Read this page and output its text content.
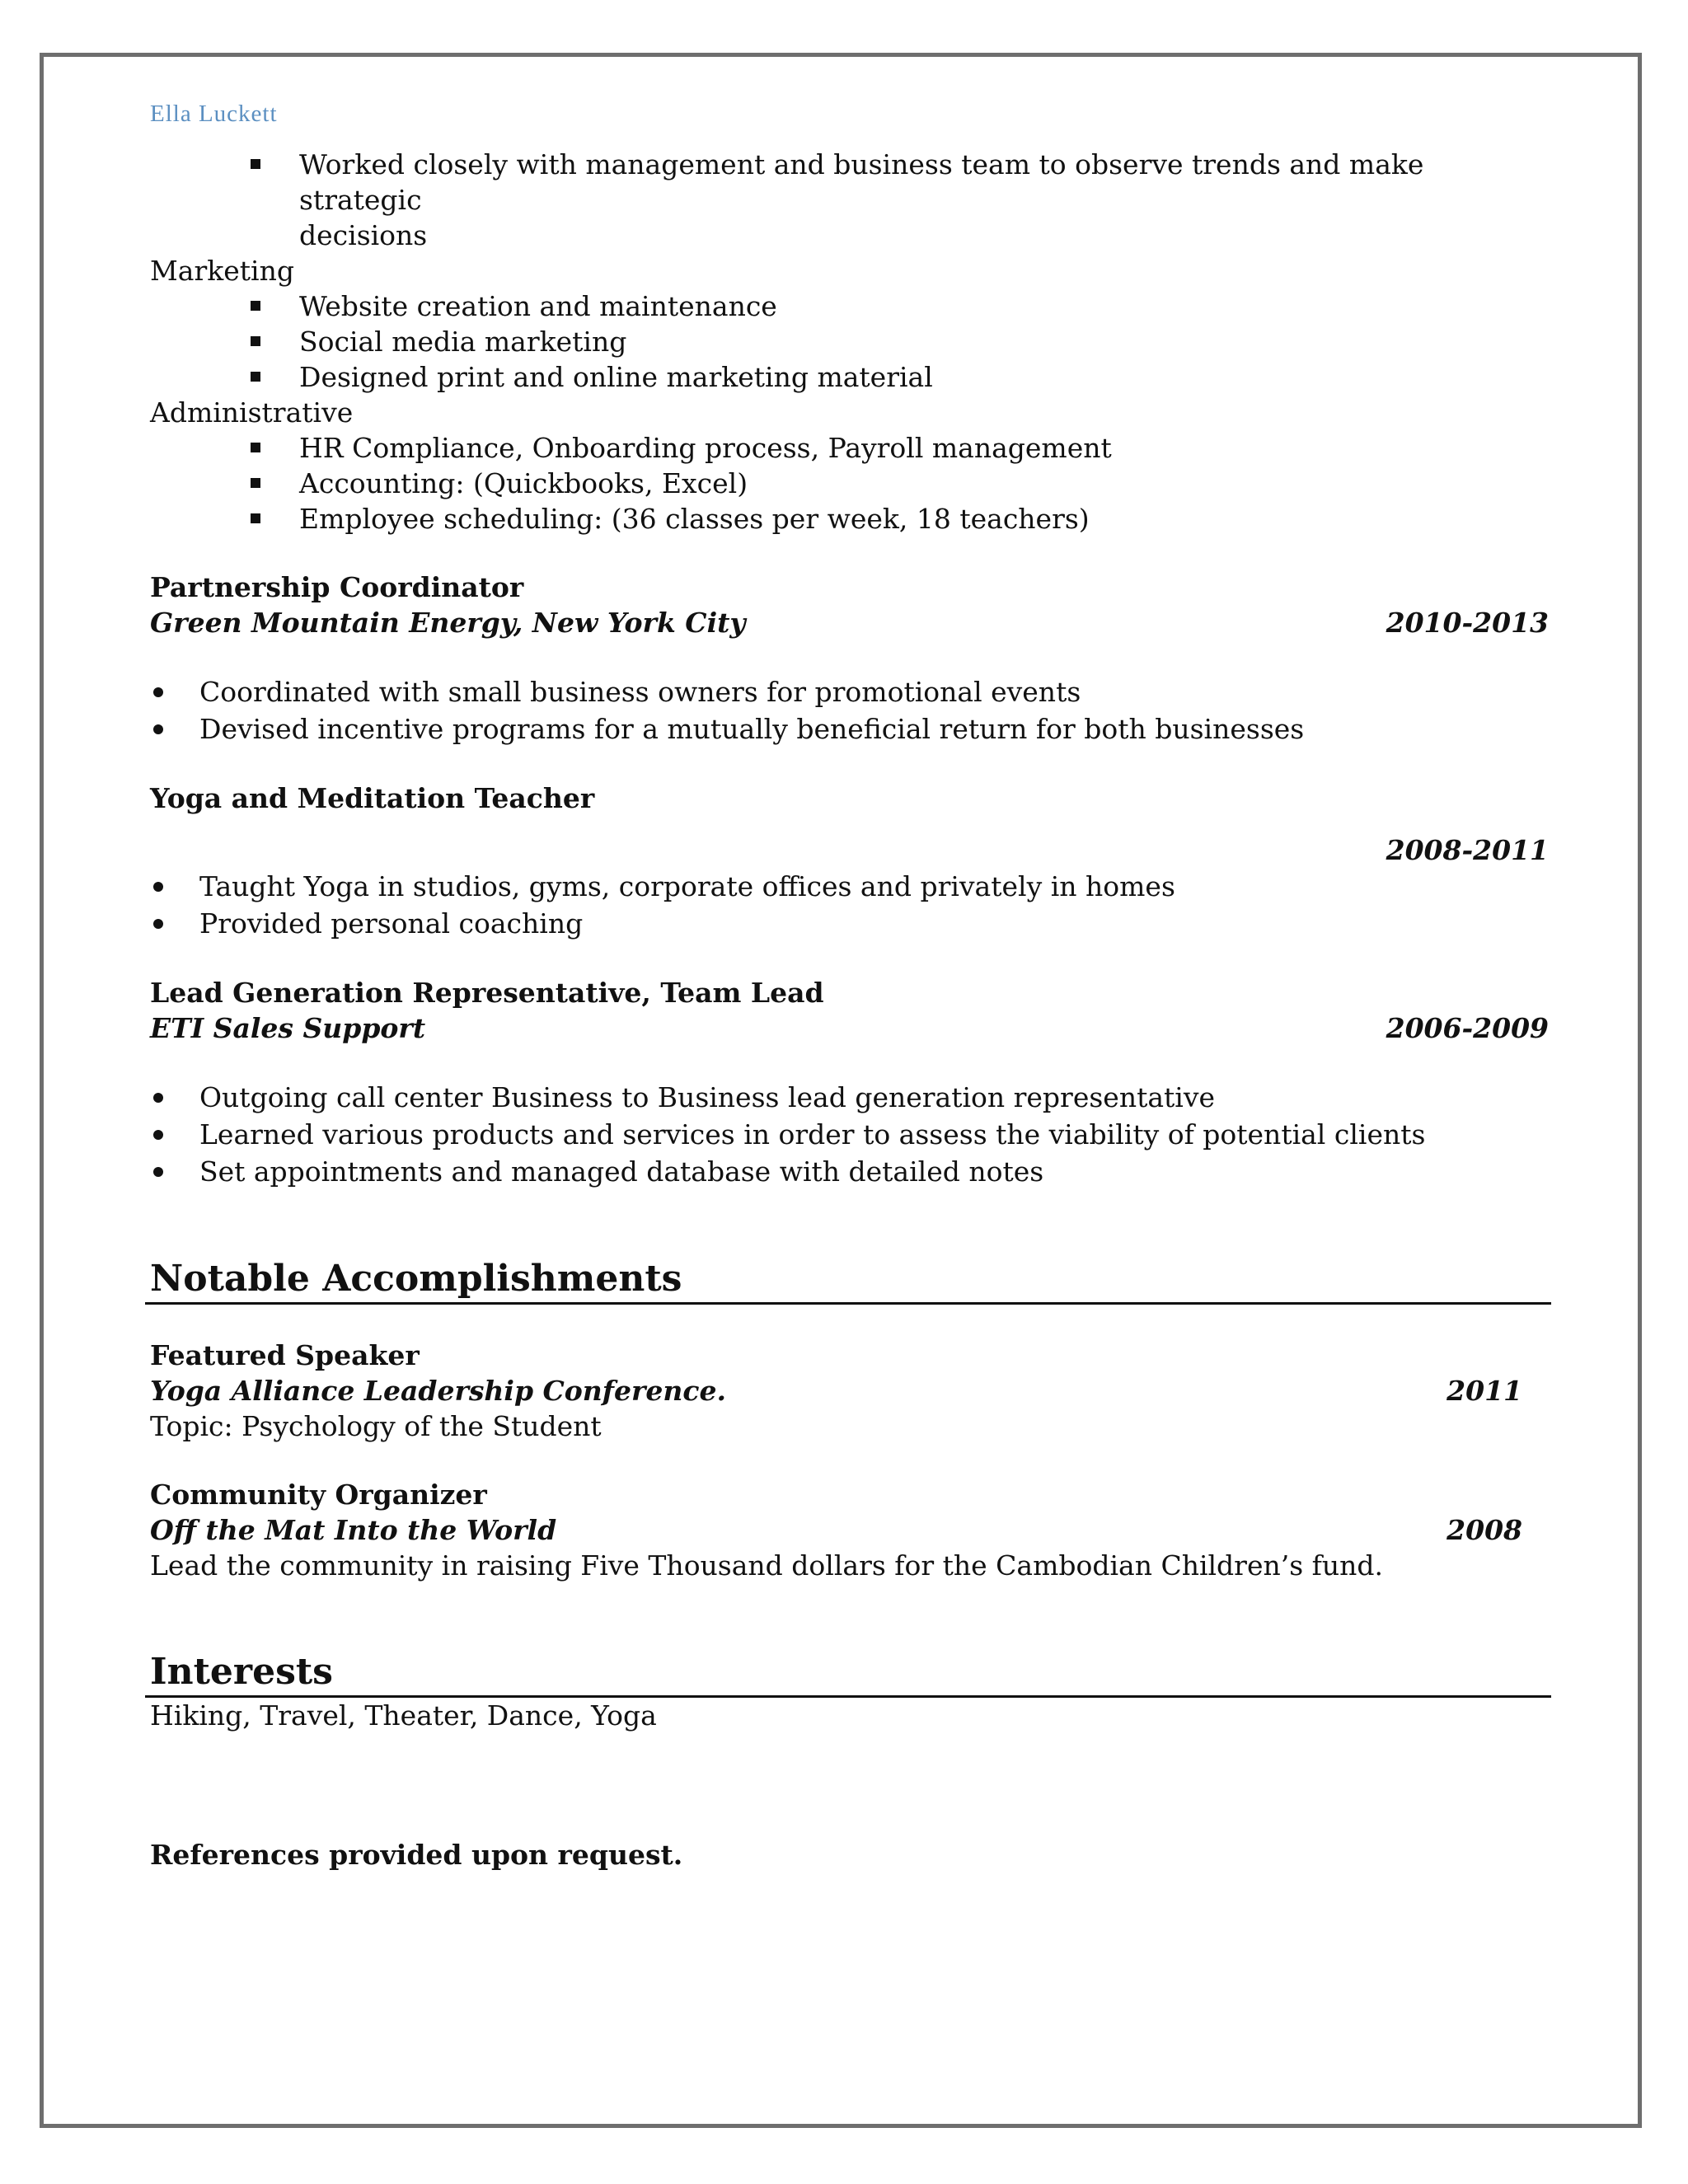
Ella Luckett
Worked closely with management and business team to observe trends and make strategic
decisions
Marketing
Website creation and maintenance
Social media marketing
Designed print and online marketing material
Administrative
HR Compliance, Onboarding process, Payroll management
Accounting: (Quickbooks, Excel)
Employee scheduling: (36 classes per week, 18 teachers)
Partnership Coordinator
Green Mountain Energy, New York City	2010-2013
Coordinated with small business owners for promotional events
Devised incentive programs for a mutually beneficial return for both businesses
Yoga and Meditation Teacher
2008-2011
Taught Yoga in studios, gyms, corporate offices and privately in homes
Provided personal coaching
Lead Generation Representative, Team Lead
ETI Sales Support	2006-2009
Outgoing call center Business to Business lead generation representative
Learned various products and services in order to assess the viability of potential clients
Set appointments and managed database with detailed notes
Notable Accomplishments
Featured Speaker
Yoga Alliance Leadership Conference.	2011
Topic: Psychology of the Student
Community Organizer
Off the Mat Into the World	2008
Lead the community in raising Five Thousand dollars for the Cambodian Children’s fund.
Interests
Hiking, Travel, Theater, Dance, Yoga
References provided upon request.
